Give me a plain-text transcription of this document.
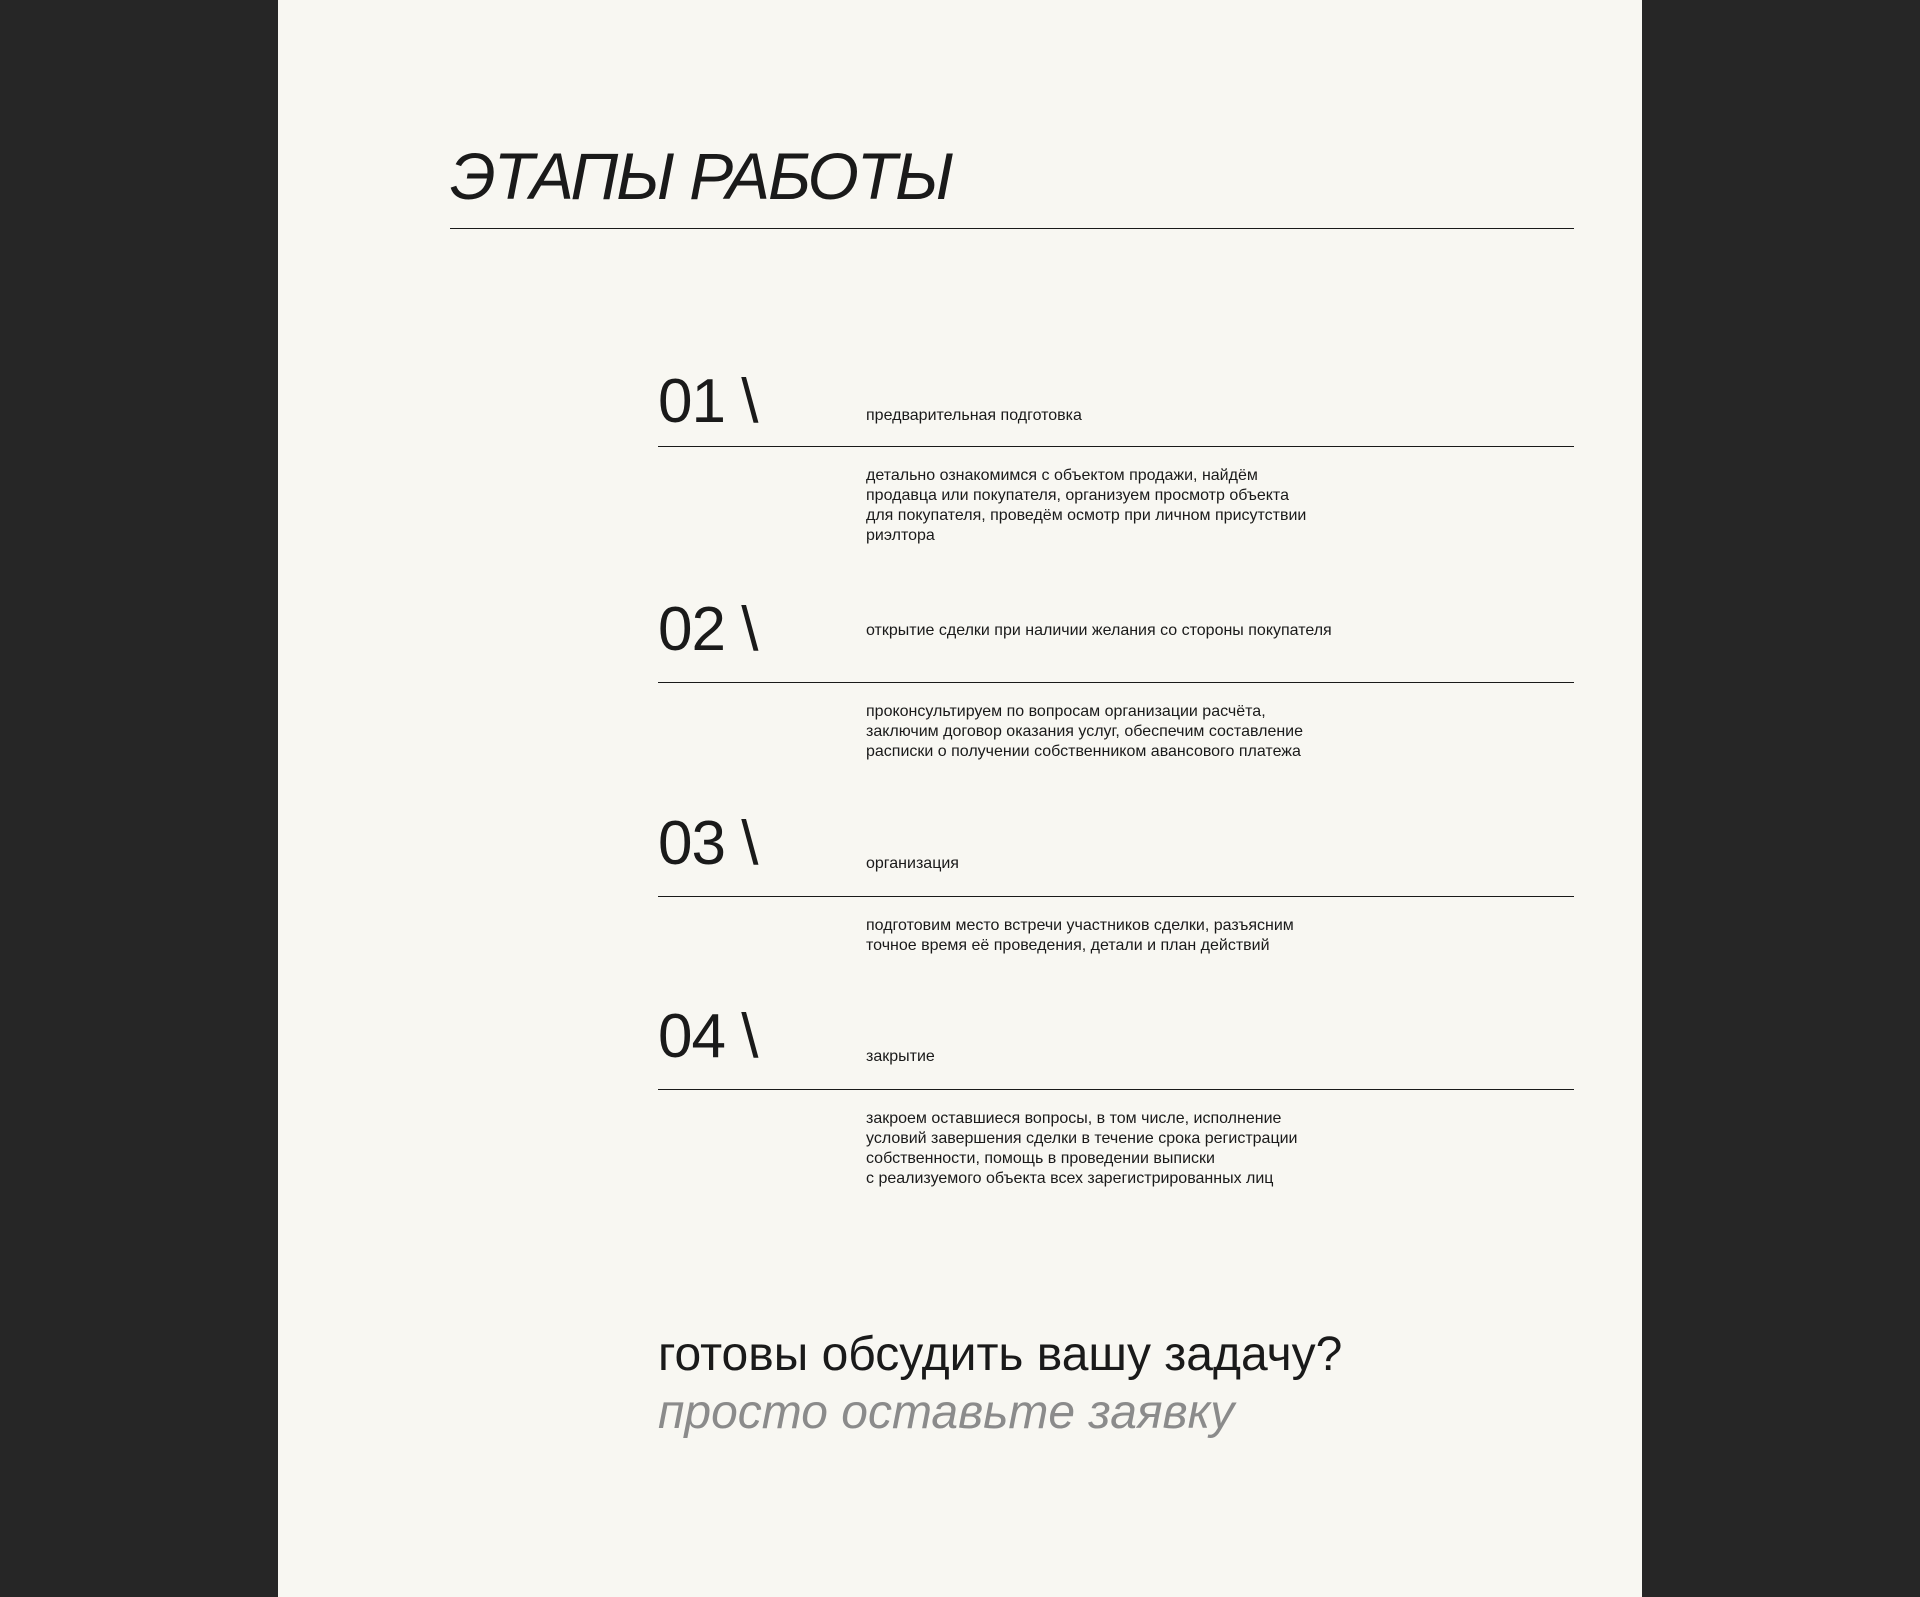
ЭТАПЫ РАБОТЫ
01 \	предварительная подготовка
детально ознакомимся с объектом продажи, найдём
продавца или покупателя, организуем просмотр объекта
для покупателя, проведём осмотр при личном присутствии
риэлтора
02 \	открытие сделки при наличии желания со стороны покупателя
проконсультируем по вопросам организации расчёта,
заключим договор оказания услуг, обеспечим составление
расписки о получении собственником авансового платежа
03 \	организация
подготовим место встречи участников сделки, разъясним
точное время её проведения, детали и план действий
04 \	закрытие
закроем оставшиеся вопросы, в том числе, исполнение
условий завершения сделки в течение срока регистрации
собственности, помощь в проведении выписки
с реализуемого объекта всех зарегистрированных лиц
готовы обсудить вашу задачу?
просто оставьте заявку
